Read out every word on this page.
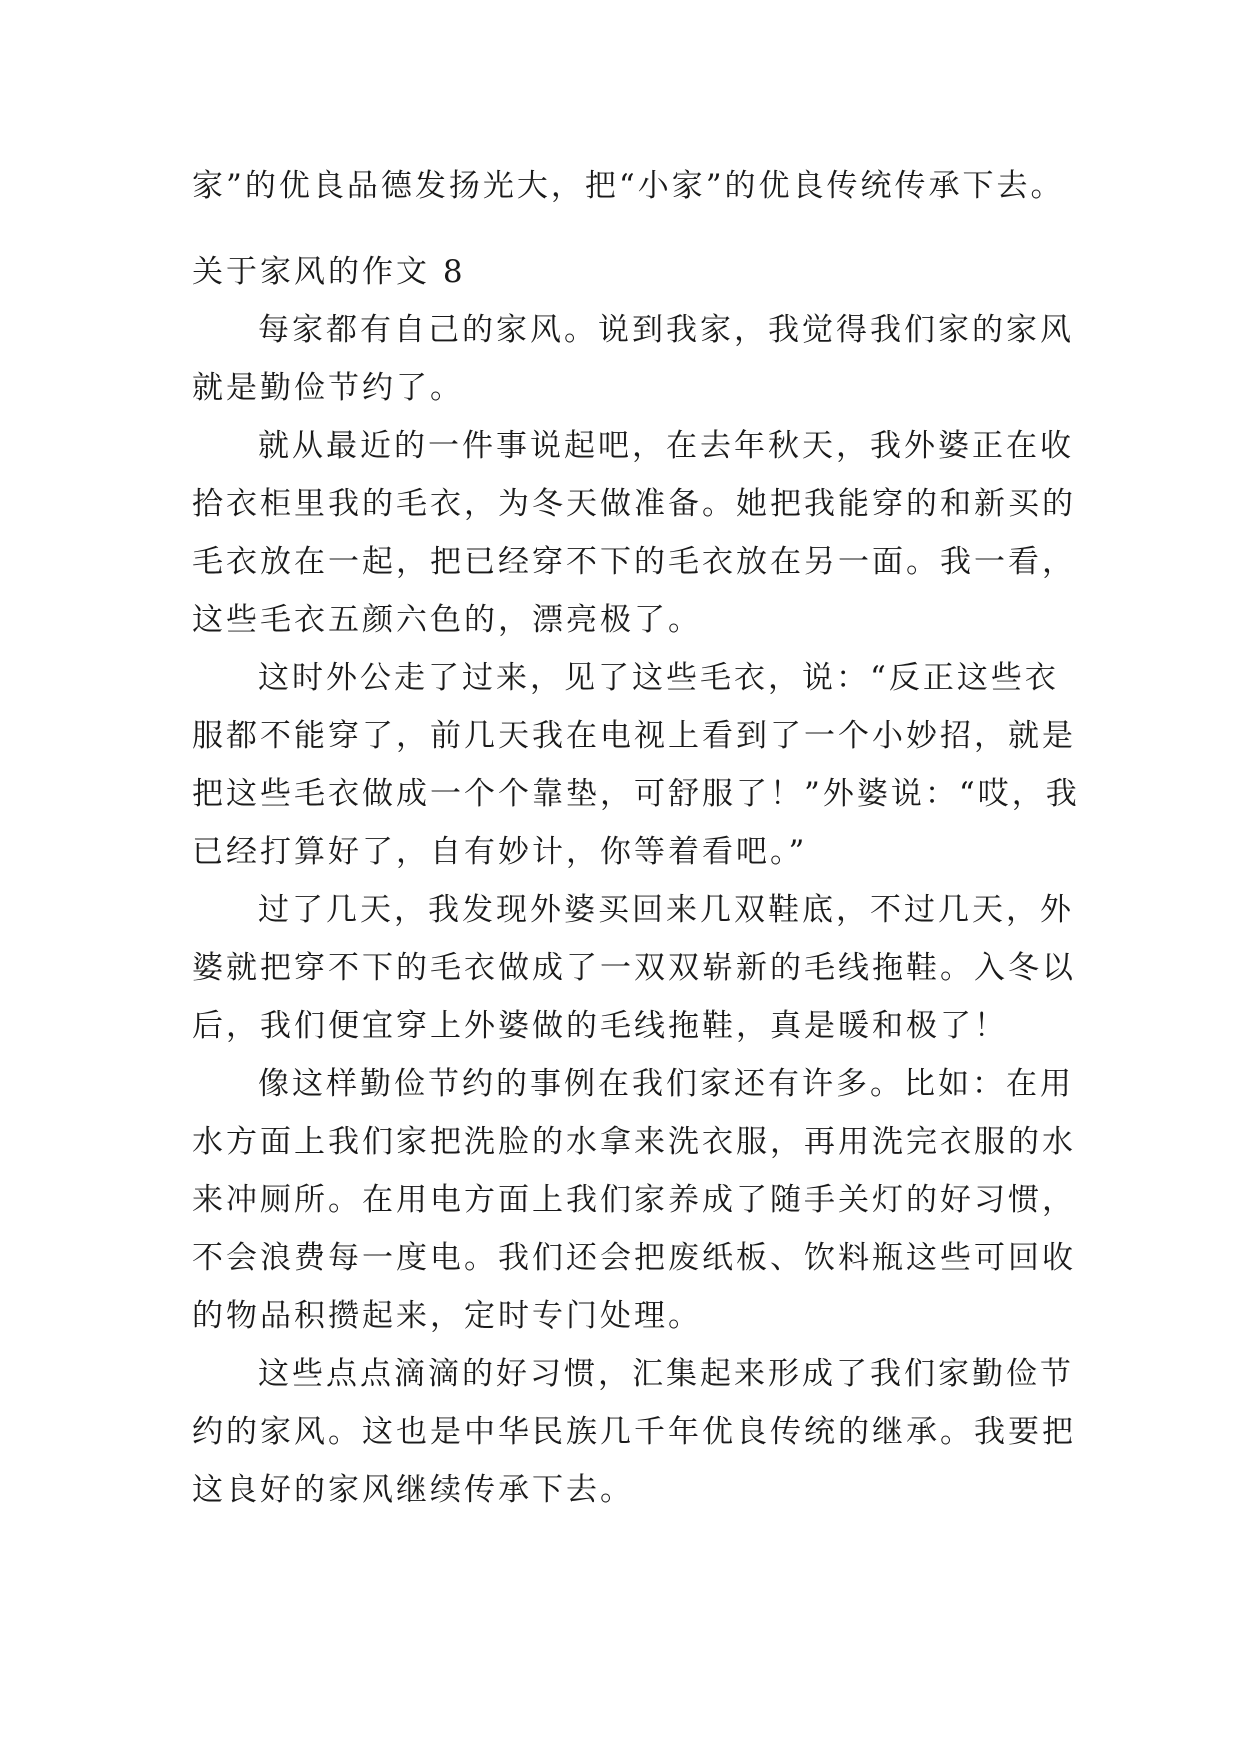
家”的优良品德发扬光大，把“小家”的优良传统传承下去。

关于家风的作文 8

每家都有自己的家风。说到我家，我觉得我们家的家风
就是勤俭节约了。

就从最近的一件事说起吧，在去年秋天，我外婆正在收
拾衣柜里我的毛衣，为冬天做准备。她把我能穿的和新买的
毛衣放在一起，把已经穿不下的毛衣放在另一面。我一看，
这些毛衣五颜六色的，漂亮极了。

这时外公走了过来，见了这些毛衣，说：“反正这些衣
服都不能穿了，前几天我在电视上看到了一个小妙招，就是
把这些毛衣做成一个个靠垫，可舒服了！”外婆说：“哎，我
已经打算好了，自有妙计，你等着看吧。”

过了几天，我发现外婆买回来几双鞋底，不过几天，外
婆就把穿不下的毛衣做成了一双双崭新的毛线拖鞋。入冬以
后，我们便宜穿上外婆做的毛线拖鞋，真是暖和极了！

像这样勤俭节约的事例在我们家还有许多。比如：在用
水方面上我们家把洗脸的水拿来洗衣服，再用洗完衣服的水
来冲厕所。在用电方面上我们家养成了随手关灯的好习惯，
不会浪费每一度电。我们还会把废纸板、饮料瓶这些可回收
的物品积攒起来，定时专门处理。

这些点点滴滴的好习惯，汇集起来形成了我们家勤俭节
约的家风。这也是中华民族几千年优良传统的继承。我要把
这良好的家风继续传承下去。
